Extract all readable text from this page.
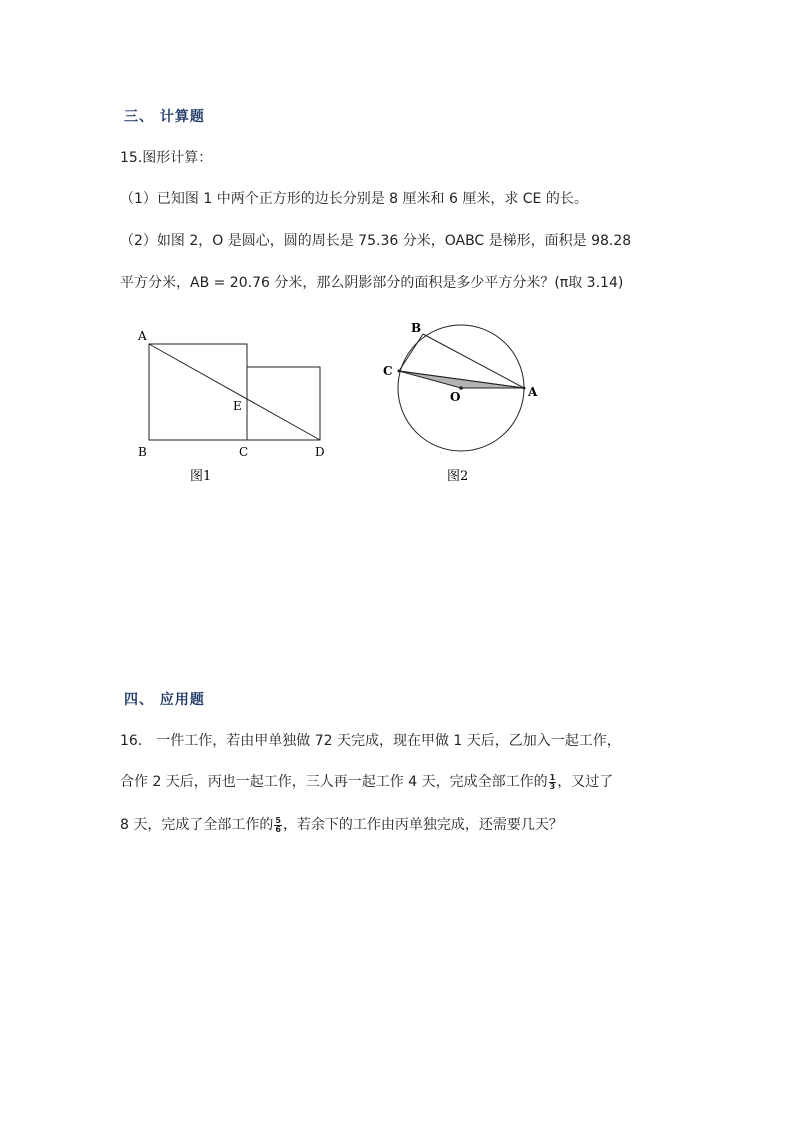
三、 计算题
15.图形计算：
（1）已知图 1 中两个正方形的边长分别是 8 厘米和 6 厘米，求 CE 的长。
（2）如图 2，O 是圆心，圆的周长是 75.36 分米，OABC 是梯形，面积是 98.28
平方分米，AB = 20.76 分米，那么阴影部分的面积是多少平方分米？(π取 3.14)
A
E
B	C	D
图1
B
C
O	A
图2
四、 应用题
16.　一件工作，若由甲单独做 72 天完成，现在甲做 1 天后，乙加入一起工作，
合作 2 天后，丙也一起工作，三人再一起工作 4 天，完成全部工作的 $\frac{1}{3}$ ，又过了
8 天，完成了全部工作的 $\frac{5}{6}$ ，若余下的工作由丙单独完成，还需要几天？
